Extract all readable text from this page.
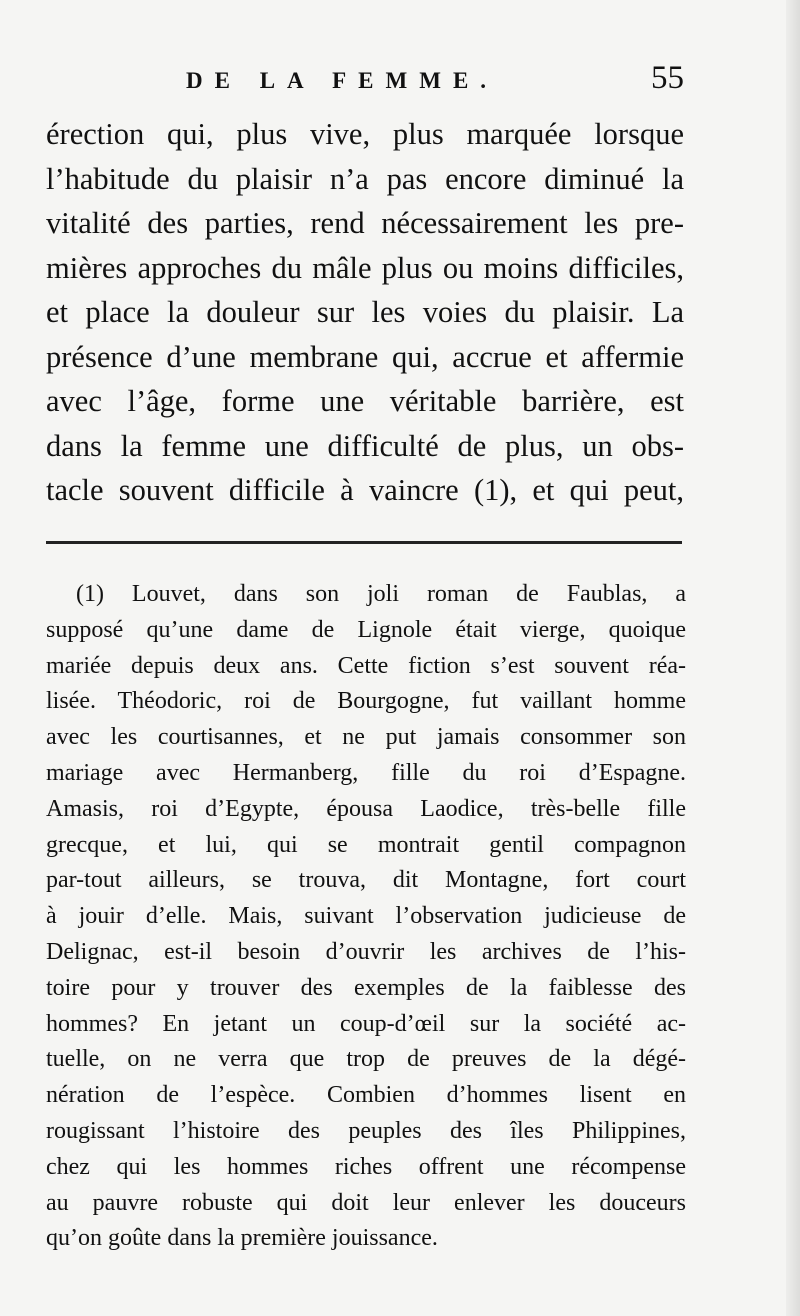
DE LA FEMME.	55
érection qui, plus vive, plus marquée lorsque
l’habitude du plaisir n’a pas encore diminué la
vitalité des parties, rend nécessairement les pre-
mières approches du mâle plus ou moins difficiles,
et place la douleur sur les voies du plaisir. La
présence d’une membrane qui, accrue et affermie
avec l’âge, forme une véritable barrière, est
dans la femme une difficulté de plus, un obs-
tacle souvent difficile à vaincre (1), et qui peut,
(1) Louvet, dans son joli roman de Faublas, a
supposé qu’une dame de Lignole était vierge, quoique
mariée depuis deux ans. Cette fiction s’est souvent réa-
lisée. Théodoric, roi de Bourgogne, fut vaillant homme
avec les courtisannes, et ne put jamais consommer son
mariage avec Hermanberg, fille du roi d’Espagne.
Amasis, roi d’Egypte, épousa Laodice, très-belle fille
grecque, et lui, qui se montrait gentil compagnon
par-tout ailleurs, se trouva, dit Montagne, fort court
à jouir d’elle. Mais, suivant l’observation judicieuse de
Delignac, est-il besoin d’ouvrir les archives de l’his-
toire pour y trouver des exemples de la faiblesse des
hommes? En jetant un coup-d’œil sur la société ac-
tuelle, on ne verra que trop de preuves de la dégé-
nération de l’espèce. Combien d’hommes lisent en
rougissant l’histoire des peuples des îles Philippines,
chez qui les hommes riches offrent une récompense
au pauvre robuste qui doit leur enlever les douceurs
qu’on goûte dans la première jouissance.
